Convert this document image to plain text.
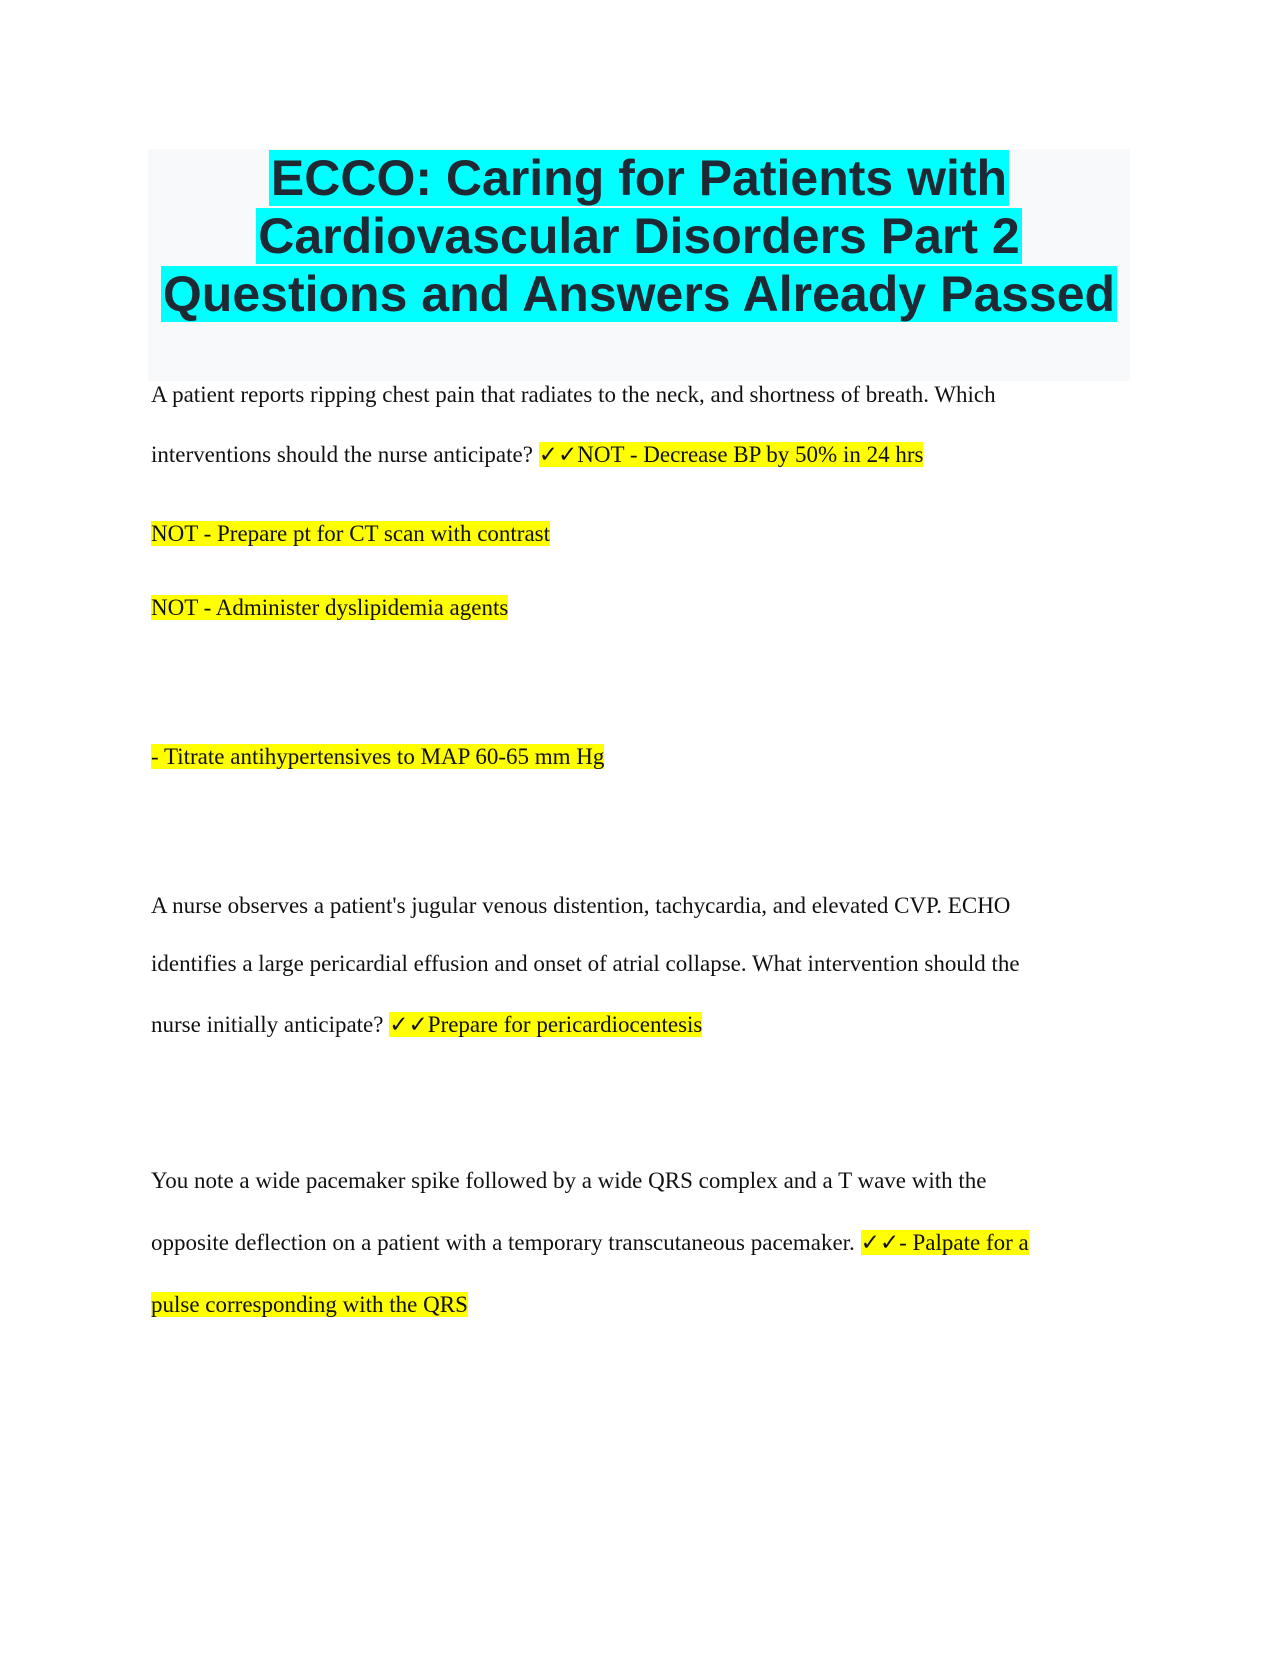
ECCO: Caring for Patients with

Cardiovascular Disorders Part 2

Questions and Answers Already Passed

A patient reports ripping chest pain that radiates to the neck, and shortness of breath. Which
interventions should the nurse anticipate? ✓✓NOT - Decrease BP by 50% in 24 hrs
NOT - Prepare pt for CT scan with contrast
NOT - Administer dyslipidemia agents
- Titrate antihypertensives to MAP 60-65 mm Hg
A nurse observes a patient's jugular venous distention, tachycardia, and elevated CVP. ECHO
identifies a large pericardial effusion and onset of atrial collapse. What intervention should the
nurse initially anticipate? ✓✓Prepare for pericardiocentesis
You note a wide pacemaker spike followed by a wide QRS complex and a T wave with the
opposite deflection on a patient with a temporary transcutaneous pacemaker. ✓✓- Palpate for a
pulse corresponding with the QRS
